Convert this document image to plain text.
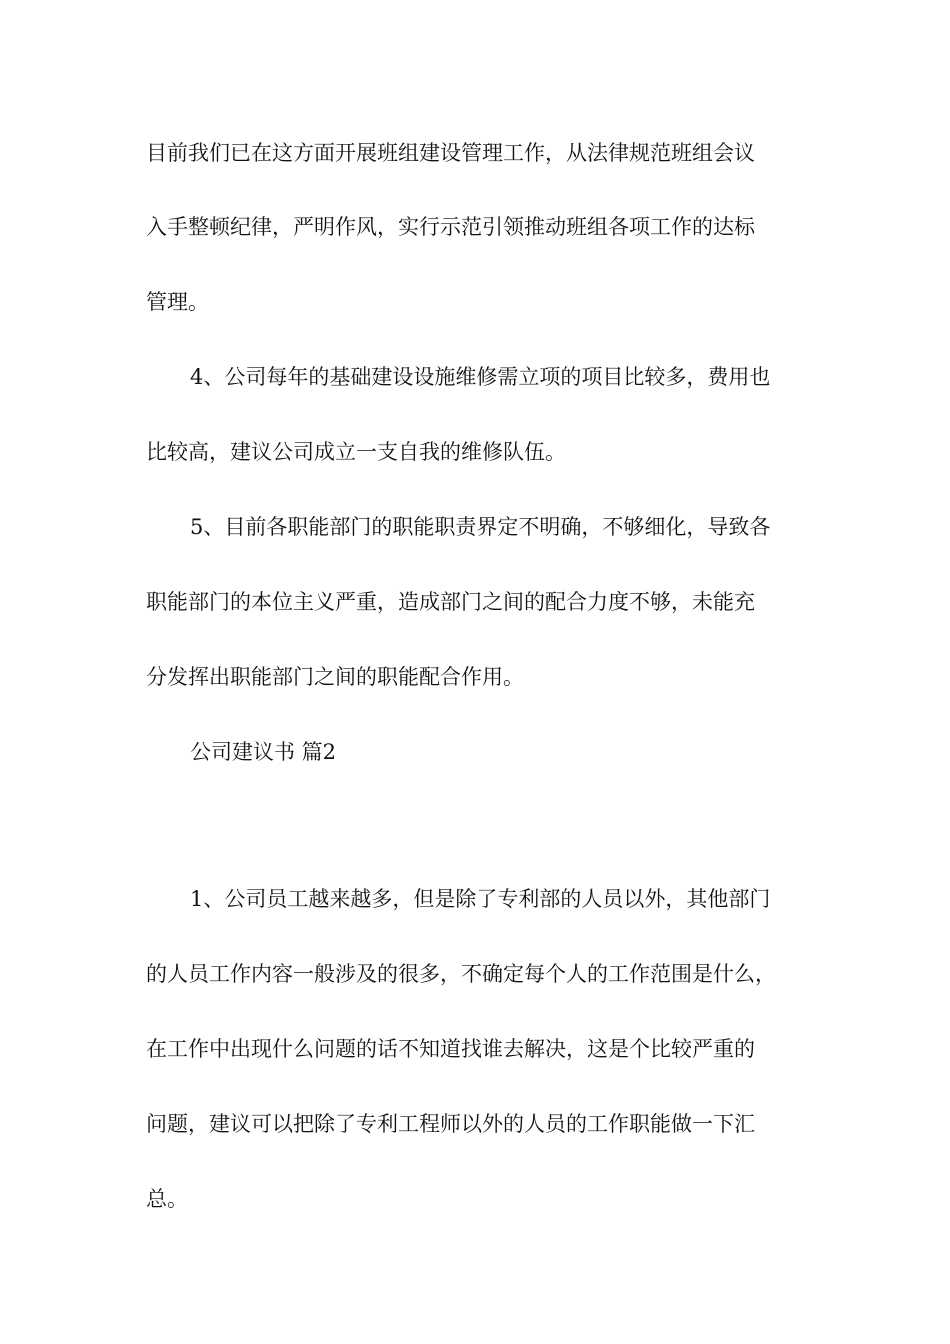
目前我们已在这方面开展班组建设管理工作，从法律规范班组会议
入手整顿纪律，严明作风，实行示范引领推动班组各项工作的达标
管理。
4、公司每年的基础建设设施维修需立项的项目比较多，费用也
比较高，建议公司成立一支自我的维修队伍。
5、目前各职能部门的职能职责界定不明确，不够细化，导致各
职能部门的本位主义严重，造成部门之间的配合力度不够，未能充
分发挥出职能部门之间的职能配合作用。
公司建议书 篇2
1、公司员工越来越多，但是除了专利部的人员以外，其他部门
的人员工作内容一般涉及的很多，不确定每个人的工作范围是什么，
在工作中出现什么问题的话不知道找谁去解决，这是个比较严重的
问题，建议可以把除了专利工程师以外的人员的工作职能做一下汇
总。
